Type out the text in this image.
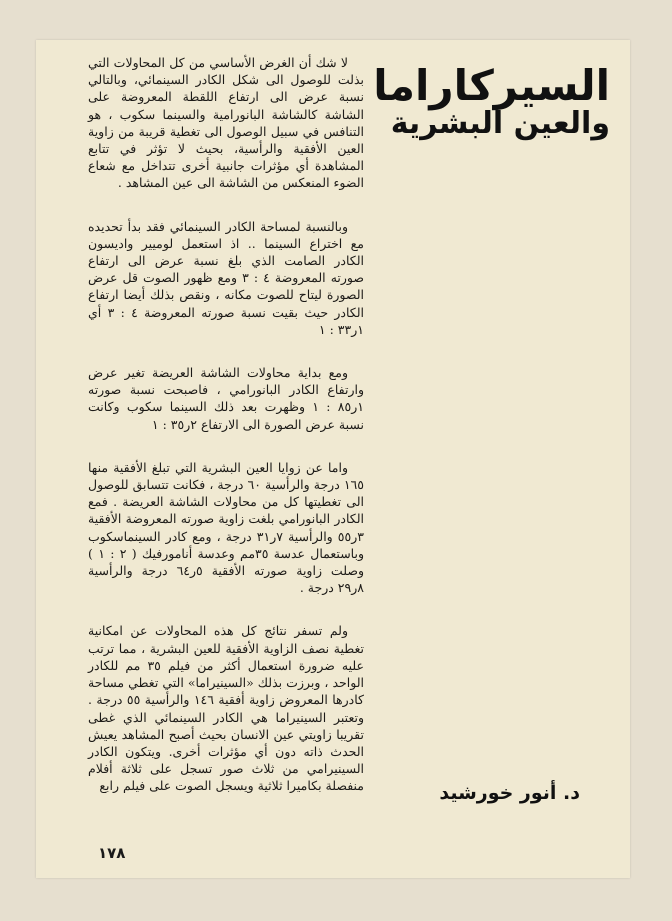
لا شك أن الغرض الأساسي من كل المحاولات التي بذلت للوصول الى شكل الكادر السينمائي، وبالتالي نسبة عرض الى ارتفاع اللقطة المعروضة على الشاشة كالشاشة البانورامية والسينما سكوب ، هو التنافس في سبيل الوصول الى تغطية قريبة من زاوية العين الأفقية والرأسية، بحيث لا تؤثر في تتابع المشاهدة أي مؤثرات جانبية أخرى تتداخل مع شعاع الضوء المنعكس من الشاشة الى عين المشاهد .

وبالنسبة لمساحة الكادر السينمائي فقد بدأ تحديده مع اختراع السينما .. اذ استعمل لوميير واديسون الكادر الصامت الذي بلغ نسبة عرض الى ارتفاع صورته المعروضة ٤ : ٣ ومع ظهور الصوت قل عرض الصورة ليتاح للصوت مكانه ، ونقص بذلك أيضا ارتفاع الكادر حيث بقيت نسبة صورته المعروضة ٤ : ٣ أي ١ر٣٣ : ١

ومع بداية محاولات الشاشة العريضة تغير عرض وارتفاع الكادر البانورامي ، فاصبحت نسبة صورته ١ر٨٥ : ١ وظهرت بعد ذلك السينما سكوب وكانت نسبة عرض الصورة الى الارتفاع ٢ر٣٥ : ١

واما عن زوايا العين البشرية التي تبلغ الأفقية منها ١٦٥ درجة والرأسية ٦٠ درجة ، فكانت تتسابق للوصول الى تغطيتها كل من محاولات الشاشة العريضة . فمع الكادر البانورامي بلغت زاوية صورته المعروضة الأفقية ٣ر٥٥ والرأسية ٧ر٣١ درجة ، ومع كادر السينماسكوب وباستعمال عدسة ٣٥مم وعدسة أنامورفيك ( ٢ : ١ ) وصلت زاوية صورته الأفقية ٥ر٦٤ درجة والرأسية ٨ر٢٩ درجة .

ولم تسفر نتائج كل هذه المحاولات عن امكانية تغطية نصف الزاوية الأفقية للعين البشرية ، مما ترتب عليه ضرورة استعمال أكثر من فيلم ٣٥ مم للكادر الواحد ، وبرزت بذلك «السينيراما» التي تغطي مساحة كادرها المعروض زاوية أفقية ١٤٦ والرأسية ٥٥ درجة . وتعتبر السينيراما هي الكادر السينمائي الذي غطى تقريبا زاويتي عين الانسان بحيث أصبح المشاهد يعيش الحدث ذاته دون أي مؤثرات أخرى. ويتكون الكادر السينيرامي من ثلاث صور تسجل على ثلاثة أفلام منفصلة بكاميرا ثلاثية ويسجل الصوت على فيلم رابع

السيركاراما
والعين البشرية
د. أنور خورشيد
١٧٨
